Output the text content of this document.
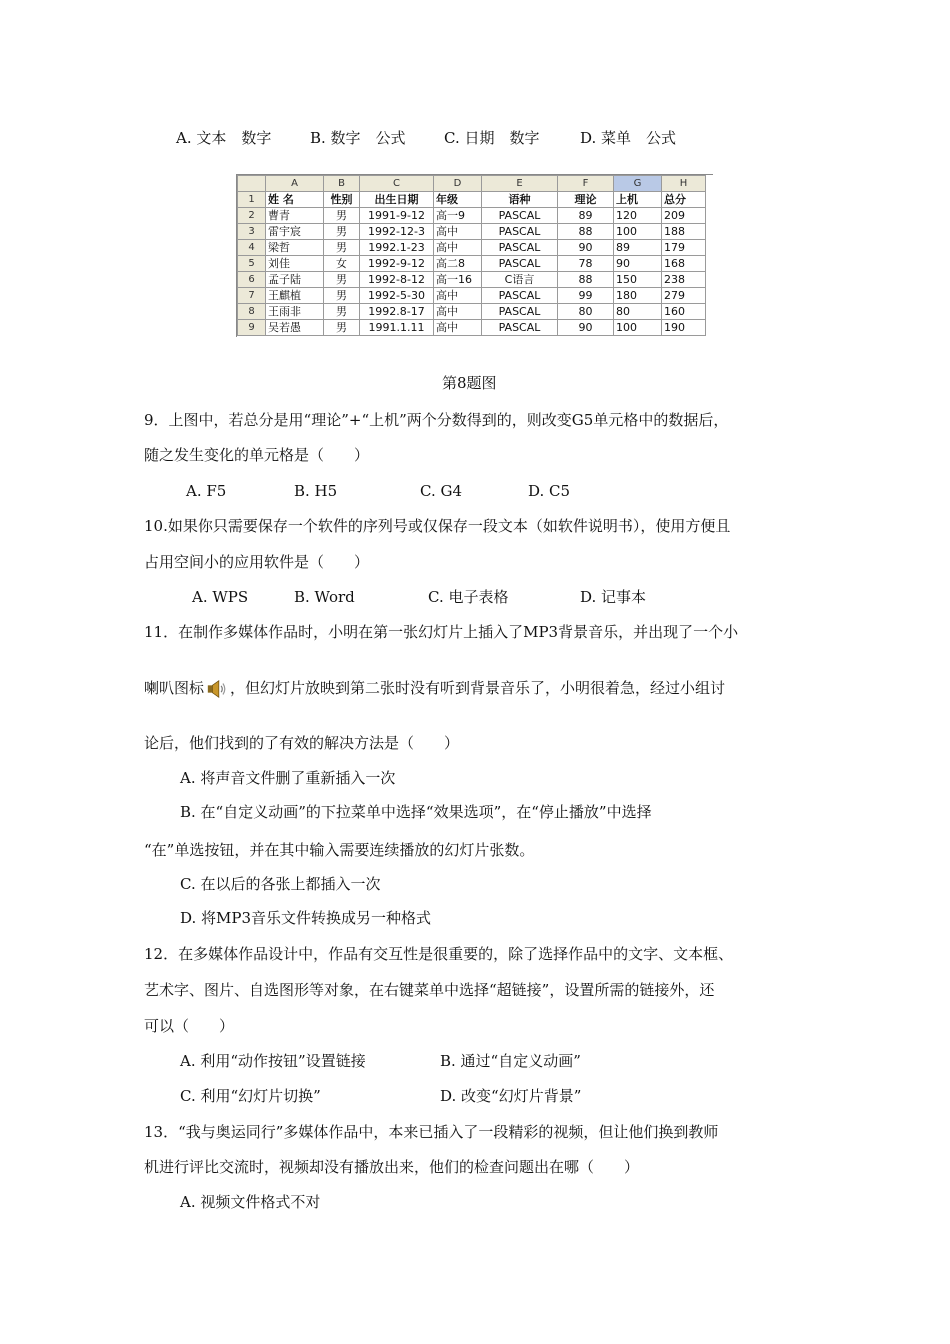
A. 文本　数字	B. 数字　公式	C. 日期　数字	D. 菜单　公式
	A	B	C	D	E	F	G	H
1	姓 名	性别	出生日期	年级	语种	理论	上机	总分
2	曹青	男	1991-9-12	高一9	PASCAL	89	120	209
3	雷宇宸	男	1992-12-3	高中	PASCAL	88	100	188
4	梁哲	男	1992.1-23	高中	PASCAL	90	89	179
5	刘佳	女	1992-9-12	高二8	PASCAL	78	90	168
6	孟子陆	男	1992-8-12	高一16	C语言	88	150	238
7	王麒植	男	1992-5-30	高中	PASCAL	99	180	279
8	王雨非	男	1992.8-17	高中	PASCAL	80	80	160
9	吴若愚	男	1991.1.11	高中	PASCAL	90	100	190
第8题图
9．上图中，若总分是用“理论”+“上机”两个分数得到的，则改变G5单元格中的数据后，
随之发生变化的单元格是（　　）
A. F5	B. H5	C. G4	D. C5
10.如果你只需要保存一个软件的序列号或仅保存一段文本（如软件说明书），使用方便且
占用空间小的应用软件是（　　）
A. WPS	B. Word	C. 电子表格	D. 记事本
11．在制作多媒体作品时，小明在第一张幻灯片上插入了MP3背景音乐，并出现了一个小
喇叭图标 ，但幻灯片放映到第二张时没有听到背景音乐了，小明很着急，经过小组讨
论后，他们找到的了有效的解决方法是（　　）
A. 将声音文件删了重新插入一次
B. 在“自定义动画”的下拉菜单中选择“效果选项”，在“停止播放”中选择
“在”单选按钮，并在其中输入需要连续播放的幻灯片张数。
C. 在以后的各张上都插入一次
D. 将MP3音乐文件转换成另一种格式
12．在多媒体作品设计中，作品有交互性是很重要的，除了选择作品中的文字、文本框、
艺术字、图片、自选图形等对象，在右键菜单中选择“超链接”，设置所需的链接外，还
可以（　　）
A. 利用“动作按钮”设置链接	B. 通过“自定义动画”
C. 利用“幻灯片切换”	D. 改变“幻灯片背景”
13．“我与奥运同行”多媒体作品中，本来已插入了一段精彩的视频，但让他们换到教师
机进行评比交流时，视频却没有播放出来，他们的检查问题出在哪（　　）
A. 视频文件格式不对
